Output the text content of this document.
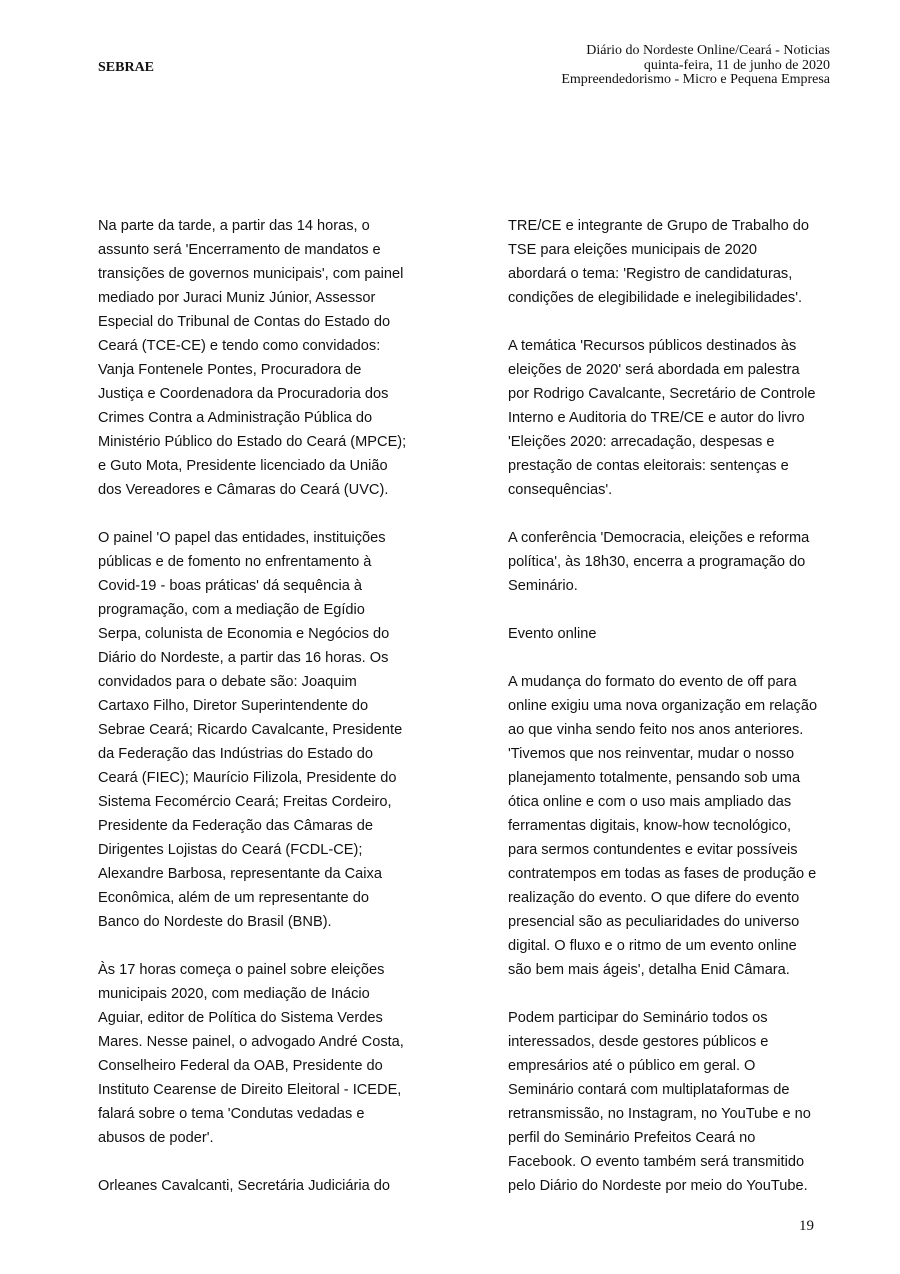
SEBRAE
Diário do Nordeste Online/Ceará - Noticias
quinta-feira, 11 de junho de 2020
Empreendedorismo - Micro e Pequena Empresa
Na parte da tarde, a partir das 14 horas, o
assunto será 'Encerramento de mandatos e
transições de governos municipais', com painel
mediado por Juraci Muniz Júnior, Assessor
Especial do Tribunal de Contas do Estado do
Ceará (TCE-CE) e tendo como convidados:
Vanja Fontenele Pontes, Procuradora de
Justiça e Coordenadora da Procuradoria dos
Crimes Contra a Administração Pública do
Ministério Público do Estado do Ceará (MPCE);
e Guto Mota, Presidente licenciado da União
dos Vereadores e Câmaras do Ceará (UVC).
O painel 'O papel das entidades, instituições
públicas e de fomento no enfrentamento à
Covid-19 - boas práticas' dá sequência à
programação, com a mediação de Egídio
Serpa, colunista de Economia e Negócios do
Diário do Nordeste, a partir das 16 horas. Os
convidados para o debate são: Joaquim
Cartaxo Filho, Diretor Superintendente do
Sebrae Ceará; Ricardo Cavalcante, Presidente
da Federação das Indústrias do Estado do
Ceará (FIEC); Maurício Filizola, Presidente do
Sistema Fecomércio Ceará; Freitas Cordeiro,
Presidente da Federação das Câmaras de
Dirigentes Lojistas do Ceará (FCDL-CE);
Alexandre Barbosa, representante da Caixa
Econômica, além de um representante do
Banco do Nordeste do Brasil (BNB).
Às 17 horas começa o painel sobre eleições
municipais 2020, com mediação de Inácio
Aguiar, editor de Política do Sistema Verdes
Mares. Nesse painel, o advogado André Costa,
Conselheiro Federal da OAB, Presidente do
Instituto Cearense de Direito Eleitoral - ICEDE,
falará sobre o tema 'Condutas vedadas e
abusos de poder'.
Orleanes Cavalcanti, Secretária Judiciária do
TRE/CE e integrante de Grupo de Trabalho do
TSE para eleições municipais de 2020
abordará o tema: 'Registro de candidaturas,
condições de elegibilidade e inelegibilidades'.
A temática 'Recursos públicos destinados às
eleições de 2020' será abordada em palestra
por Rodrigo Cavalcante, Secretário de Controle
Interno e Auditoria do TRE/CE e autor do livro
'Eleições 2020: arrecadação, despesas e
prestação de contas eleitorais: sentenças e
consequências'.
A conferência 'Democracia, eleições e reforma
política', às 18h30, encerra a programação do
Seminário.
Evento online
A mudança do formato do evento de off para
online exigiu uma nova organização em relação
ao que vinha sendo feito nos anos anteriores.
'Tivemos que nos reinventar, mudar o nosso
planejamento totalmente, pensando sob uma
ótica online e com o uso mais ampliado das
ferramentas digitais, know-how tecnológico,
para sermos contundentes e evitar possíveis
contratempos em todas as fases de produção e
realização do evento. O que difere do evento
presencial são as peculiaridades do universo
digital. O fluxo e o ritmo de um evento online
são bem mais ágeis', detalha Enid Câmara.
Podem participar do Seminário todos os
interessados, desde gestores públicos e
empresários até o público em geral. O
Seminário contará com multiplataformas de
retransmissão, no Instagram, no YouTube e no
perfil do Seminário Prefeitos Ceará no
Facebook. O evento também será transmitido
pelo Diário do Nordeste por meio do YouTube.
19
